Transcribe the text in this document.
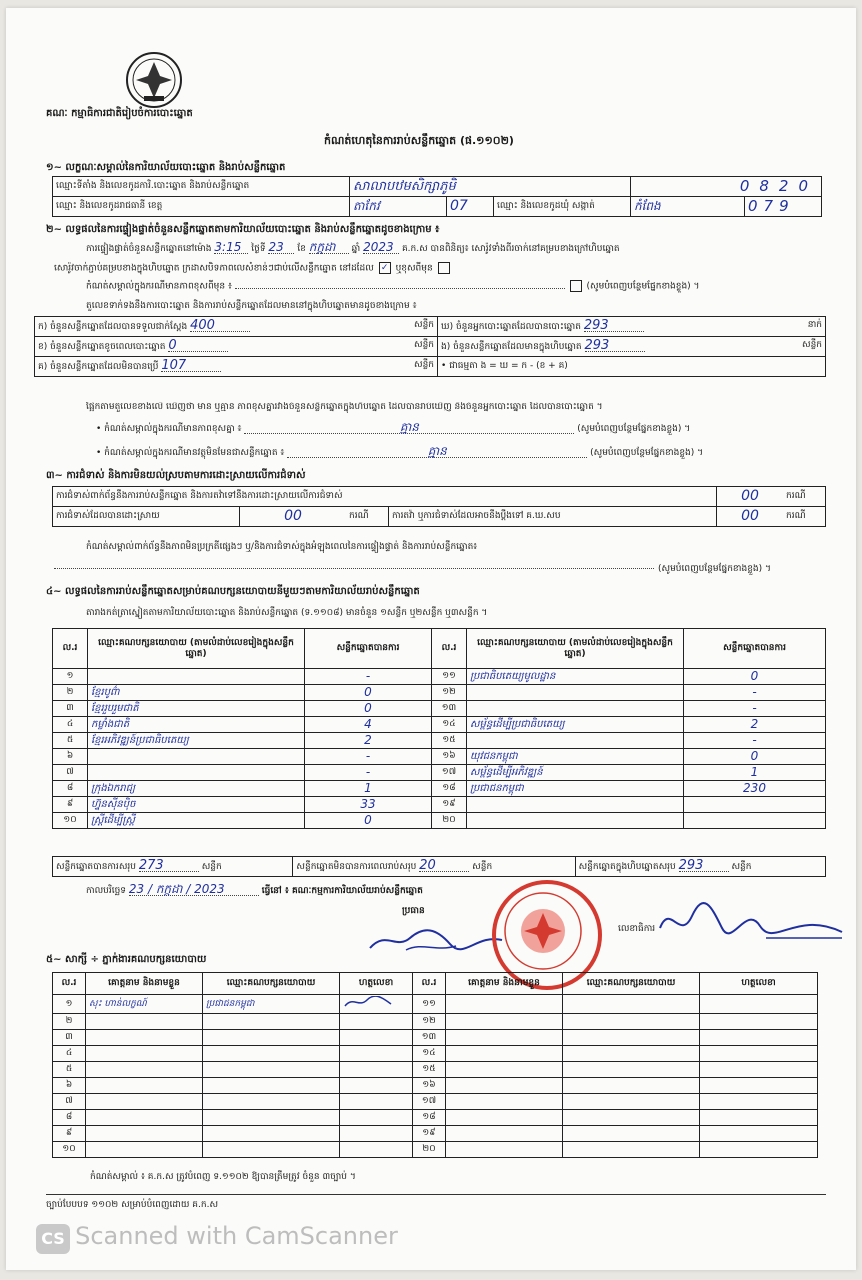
គណៈ កម្មាធិការជាតិរៀបចំការបោះឆ្នោត
កំណត់ហេតុនៃការរាប់សន្លឹកឆ្នោត (ផ.១១០២)
១~ លក្ខណៈសម្គាល់នៃការិយាល័យបោះឆ្នោត និងរាប់សន្លឹកឆ្នោត
ឈ្មោះទីតាំង និងលេខកូដការិ.បោះឆ្នោត និងរាប់សន្លឹកឆ្នោត	សាលាបឋមសិក្សាភូមិ			0820	
ឈ្មោះ និងលេខកូដរាជធានី ខេត្ត	តាកែវ	07	ឈ្មោះ និងលេខកូដឃុំ សង្កាត់	កំពែង	079
២~ លទ្ធផលនៃការផ្ទៀងផ្ទាត់ចំនួនសន្លឹកឆ្នោតតាមការិយាល័យបោះឆ្នោត និងរាប់សន្លឹកឆ្នោតដូចខាងក្រោម ៖
ការផ្ទៀងផ្ទាត់ចំនួនសន្លឹកឆ្នោតនៅម៉ោង 3:15 ថ្ងៃទី 23 ខែ កក្កដា ឆ្នាំ 2023 គ.ក.ស បានពិនិត្យ៖ សោរ៉ូវទាំងពីរចាក់នៅគម្របខាងក្រៅហិបឆ្នោត
សោរ៉ូវចាក់ភ្ជាប់គម្របខាងក្នុងហិបឆ្នោត ក្រដាសបិទភាពលេសំខាន់ៗជាប់លើសន្លឹកឆ្នោត នៅដដែល ✓ ឬខុសពីមុន
កំណត់សម្គាល់ក្នុងករណីមានភាពខុសពីមុន ៖	(សូមបំពេញបន្ថែមផ្នែកខាងខ្លួង) ។
តួលេខទាក់ទងនឹងការបោះឆ្នោត និងការរាប់សន្លឹកឆ្នោតដែលមាននៅក្នុងហិបឆ្នោតមានដូចខាងក្រោម ៖
ក) ចំនួនសន្លឹកឆ្នោតដែលបានទទួលជាក់ស្តែង 400 សន្លឹក	ឃ) ចំនួនអ្នកបោះឆ្នោតដែលបានបោះឆ្នោត 293 នាក់

ខ) ចំនួនសន្លឹកឆ្នោតខូចពេលបោះឆ្នោត 0 សន្លឹក	ង) ចំនួនសន្លឹកឆ្នោតដែលមានក្នុងហិបឆ្នោត 293 សន្លឹក

គ) ចំនួនសន្លឹកឆ្នោតដែលមិនបានប្រើ 107 សន្លឹក	• ជាធម្មតា ង = ឃ = ក - (ខ + គ)
ផ្អែកតាមតួលេខខាងលើ ឃើញថា មាន ឬគ្មាន ភាពខុសគ្នារវាងចំនួនសន្លឹកឆ្នោតក្នុងហិបឆ្នោត ដែលបានរាប់ឃើញ និងចំនួនអ្នកបោះឆ្នោត ដែលបានបោះឆ្នោត ។
• កំណត់សម្គាល់ក្នុងករណីមានភាពខុសគ្នា ៖	គ្មាន	(សូមបំពេញបន្ថែមផ្នែកខាងខ្លួង) ។
• កំណត់សម្គាល់ក្នុងករណីមានវត្ថុមិនមែនជាសន្លឹកឆ្នោត ៖	គ្មាន	(សូមបំពេញបន្ថែមផ្នែកខាងខ្លួង) ។
៣~ ការជំទាស់ និងការមិនយល់ស្របតាមការដោះស្រាយលើការជំទាស់
ការជំទាស់ពាក់ព័ន្ធនឹងការរាប់សន្លឹកឆ្នោត និងការតវ៉ាទៅនឹងការដោះស្រាយលើការជំទាស់				00	ករណី
ការជំទាស់ដែលបានដោះស្រាយ	00	ករណី	ការតវ៉ា ឬការជំទាស់ដែលអាចនឹងប្តឹងទៅ គ.ឃ.សប	00	ករណី
កំណត់សម្គាល់ពាក់ព័ន្ធនឹងភាពមិនប្រក្រតីផ្សេងៗ ឬ/និងការជំទាស់ក្នុងអំឡុងពេលនៃការផ្ទៀងផ្ទាត់ និងការរាប់សន្លឹកឆ្នោត៖
(សូមបំពេញបន្ថែមផ្នែកខាងខ្លួង) ។
៤~ លទ្ធផលនៃការរាប់សន្លឹកឆ្នោតសម្រាប់គណបក្សនយោបាយនីមួយៗតាមការិយាល័យរាប់សន្លឹកឆ្នោត
តារាងកត់ត្រាស្នៀតតាមការិយាល័យបោះឆ្នោត និងរាប់សន្លឹកឆ្នោត (ទ.១១០៨) មានចំនួន ១សន្លឹក ឬ២សន្លឹក ឬ៣សន្លឹក ។
ល.រ	ឈ្មោះគណបក្សនយោបាយ (តាមលំដាប់លេខរៀងក្នុងសន្លឹកឆ្នោត)	សន្លឹកឆ្នោតបានការ	ល.រ	ឈ្មោះគណបក្សនយោបាយ (តាមលំដាប់លេខរៀងក្នុងសន្លឹកឆ្នោត)	សន្លឹកឆ្នោតបានការ
១		-	១១	ប្រជាធិបតេយ្យមូលដ្ឋាន	0
២	ខ្មែរបូព៌ា	0	១២		-
៣	ខ្មែររួបរួមជាតិ	0	១៣		-
៤	កម្លាំងជាតិ	4	១៤	សម្ព័ន្ធដើម្បីប្រជាធិបតេយ្យ	2
៥	ខ្មែរអភិវឌ្ឍន៍ប្រជាធិបតេយ្យ	2	១៥		-
៦		-	១៦	យុវជនកម្ពុជា	0
៧		-	១៧	សម្ព័ន្ធដើម្បីអភិវឌ្ឍន៍	1
៨	ក្រុងឯករាជ្យ	1	១៨	ប្រជាជនកម្ពុជា	230
៩	ហ្វ៊ុនស៊ីនប៉ិច	33	១៩		
១០	ស្ត្រីដើម្បីស្ត្រី	0	២០		
សន្លឹកឆ្នោតបានការសរុប 273	សន្លឹក	សន្លឹកឆ្នោតមិនបានការពេលរាប់សរុប 20	សន្លឹក	សន្លឹកឆ្នោតក្នុងហិបឆ្នោតសរុប 293	សន្លឹក
កាលបរិច្ឆេទ 23 / កក្កដា / 2023	ធ្វើនៅ ៖ គណៈកម្មការការិយាល័យរាប់សន្លឹកឆ្នោត
ប្រធាន
លេខាធិការ
៥~ សាក្សី ÷ ភ្នាក់ងារគណបក្សនយោបាយ
ល.រ	គោត្តនាម និងនាមខ្លួន	ឈ្មោះគណបក្សនយោបាយ	ហត្ថលេខា	ល.រ	គោត្តនាម និងនាមខ្លួន	ឈ្មោះគណបក្សនយោបាយ	ហត្ថលេខា
១	សុះ ហាន់លក្ខណ៍	ប្រជាជនកម្ពុជា		១១			
២				១២			
៣				១៣			
៤				១៤			
៥				១៥			
៦				១៦			
៧				១៧			
៨				១៨			
៩				១៩			
១០				២០			
កំណត់សម្គាល់ ៖ គ.ក.ស ត្រូវបំពេញ ទ.១១០២ ឱ្យបានត្រឹមត្រូវ ចំនួន ៣ច្បាប់ ។
ច្បាប់បែបបទ ១១០២ សម្រាប់បំពេញដោយ គ.ក.ស
CS Scanned with CamScanner
